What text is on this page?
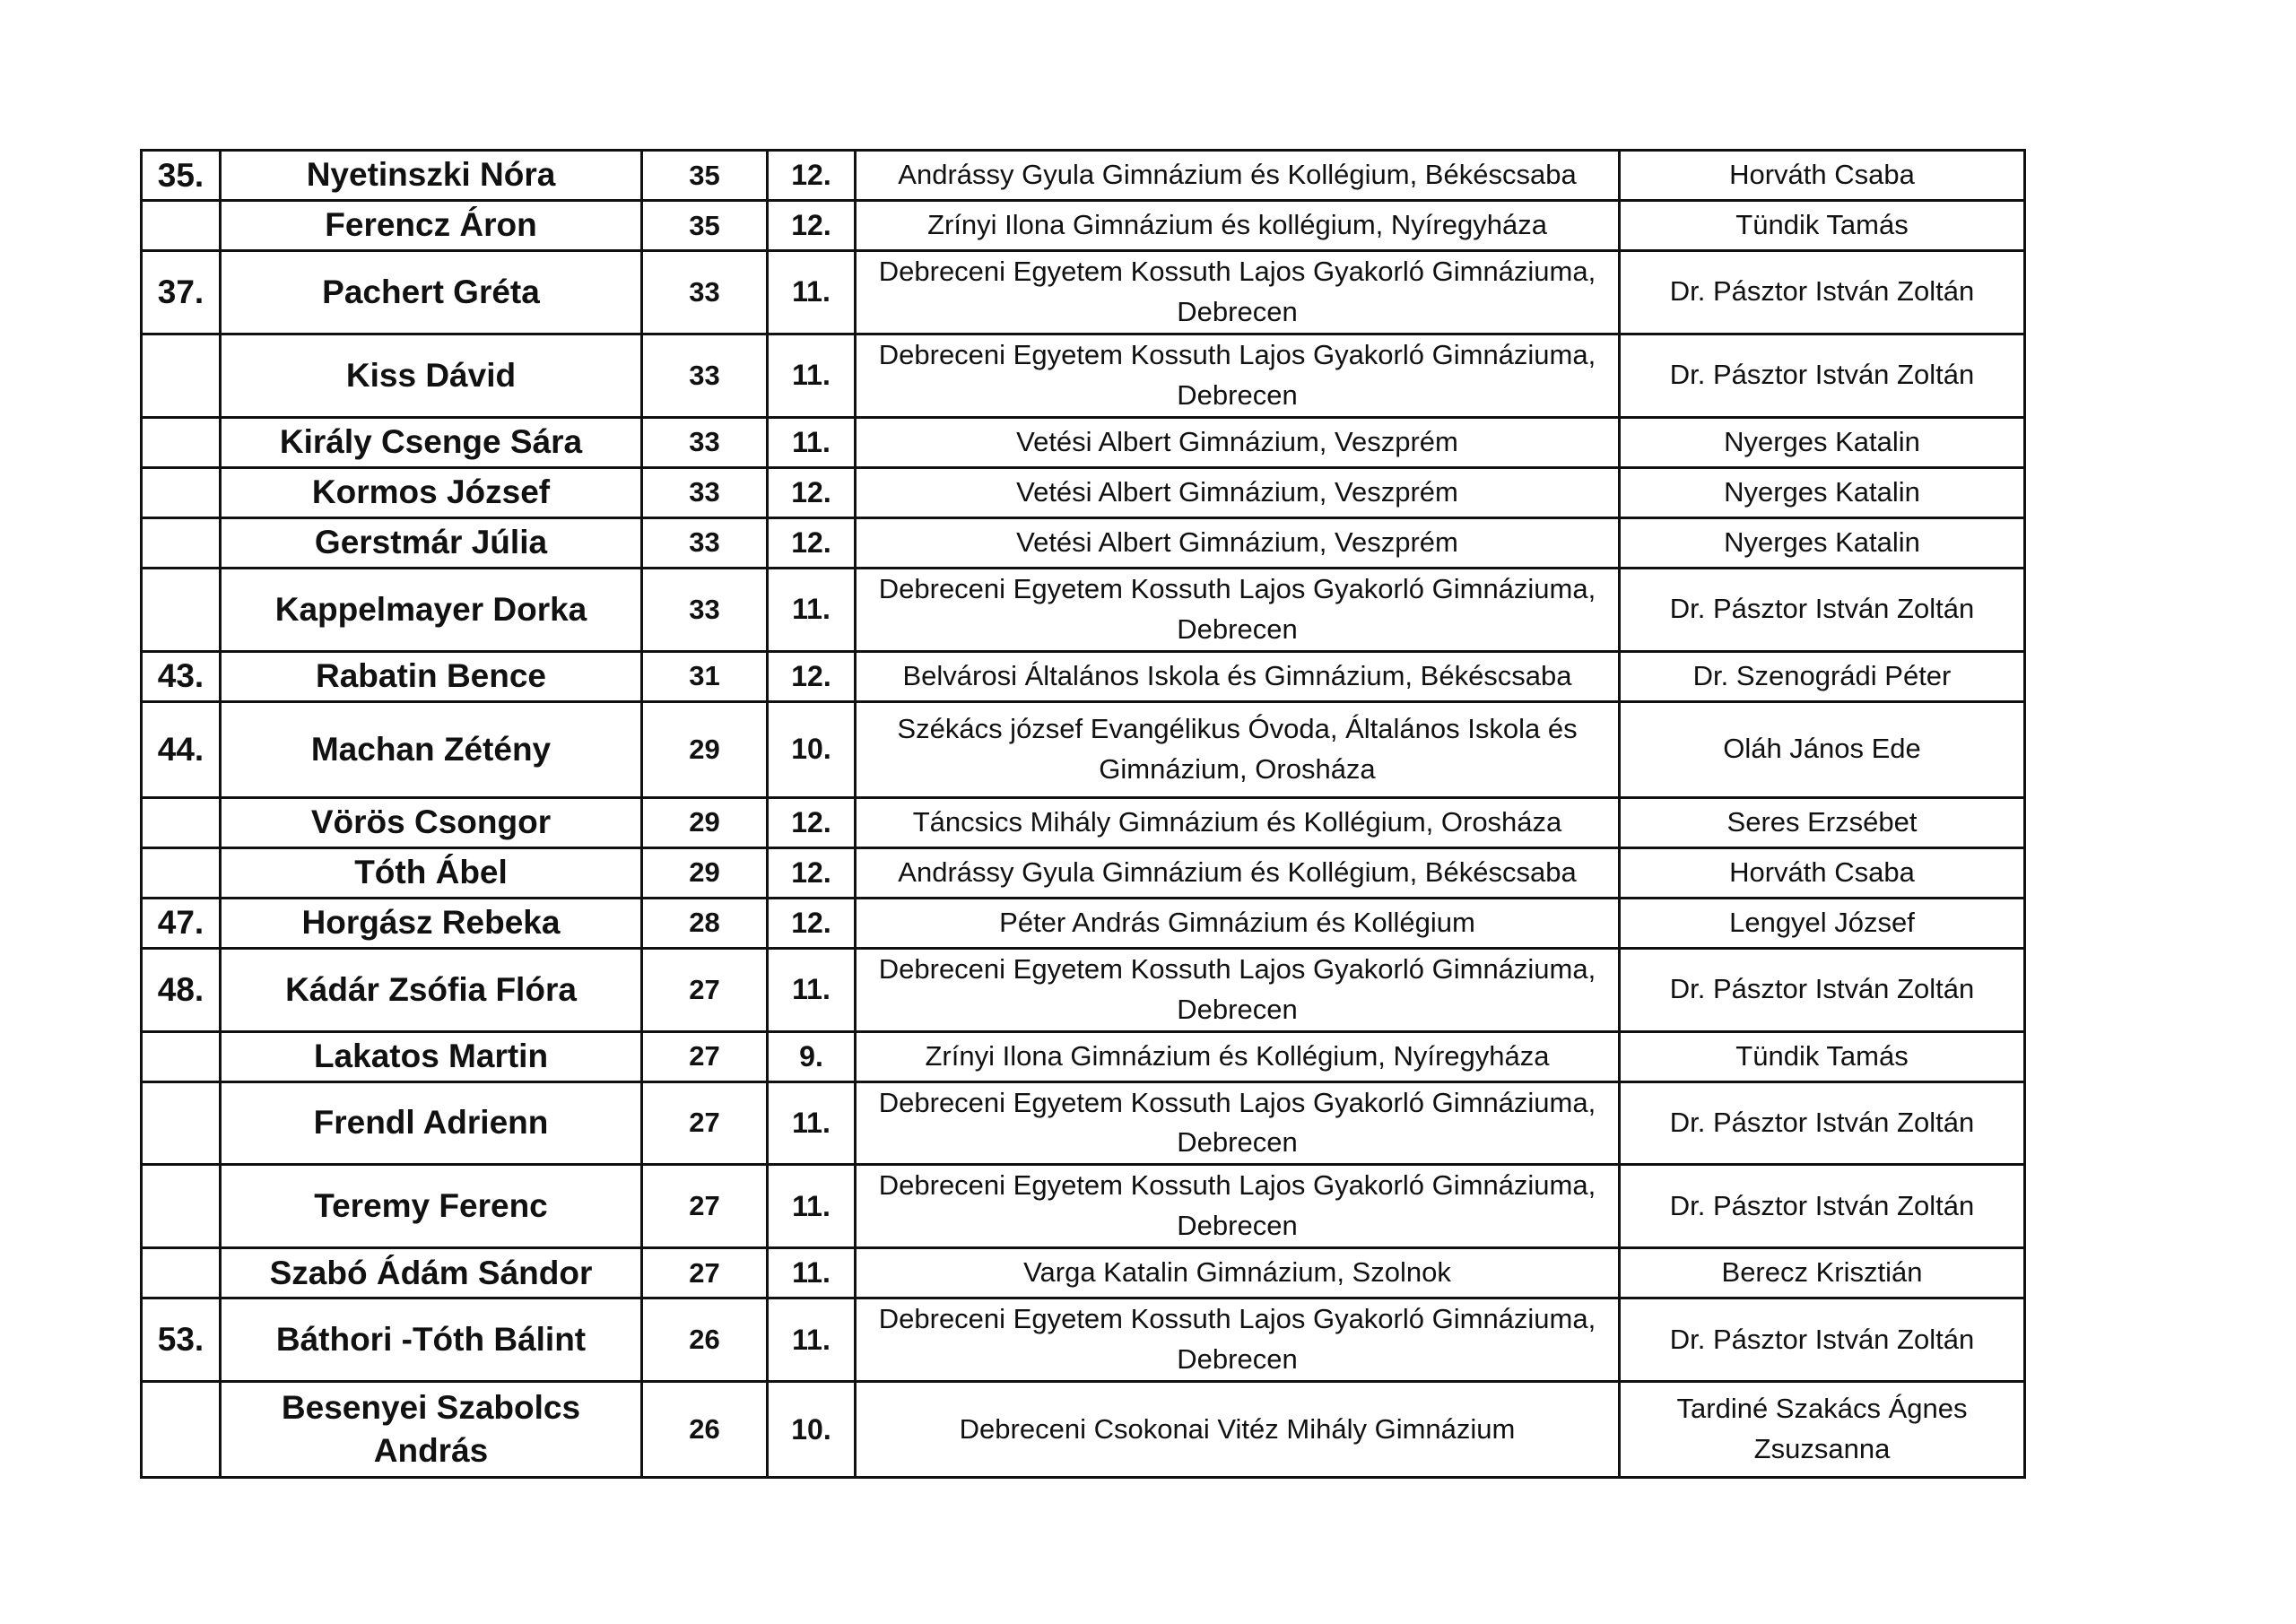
35.	Nyetinszki Nóra	35	12.	Andrássy Gyula Gimnázium és Kollégium, Békéscsaba	Horváth Csaba
	Ferencz Áron	35	12.	Zrínyi Ilona Gimnázium és kollégium, Nyíregyháza	Tündik Tamás
37.	Pachert Gréta	33	11.	Debreceni Egyetem Kossuth Lajos Gyakorló Gimnáziuma, Debrecen	Dr. Pásztor István Zoltán
	Kiss Dávid	33	11.	Debreceni Egyetem Kossuth Lajos Gyakorló Gimnáziuma, Debrecen	Dr. Pásztor István Zoltán
	Király Csenge Sára	33	11.	Vetési Albert Gimnázium, Veszprém	Nyerges Katalin
	Kormos József	33	12.	Vetési Albert Gimnázium, Veszprém	Nyerges Katalin
	Gerstmár Júlia	33	12.	Vetési Albert Gimnázium, Veszprém	Nyerges Katalin
	Kappelmayer Dorka	33	11.	Debreceni Egyetem Kossuth Lajos Gyakorló Gimnáziuma, Debrecen	Dr. Pásztor István Zoltán
43.	Rabatin Bence	31	12.	Belvárosi Általános Iskola és Gimnázium, Békéscsaba	Dr. Szenográdi Péter
44.	Machan Zétény	29	10.	Székács józsef Evangélikus Óvoda, Általános Iskola és Gimnázium, Orosháza	Oláh János Ede
	Vörös Csongor	29	12.	Táncsics Mihály Gimnázium és Kollégium, Orosháza	Seres Erzsébet
	Tóth Ábel	29	12.	Andrássy Gyula Gimnázium és Kollégium, Békéscsaba	Horváth Csaba
47.	Horgász Rebeka	28	12.	Péter András Gimnázium és Kollégium	Lengyel József
48.	Kádár Zsófia Flóra	27	11.	Debreceni Egyetem Kossuth Lajos Gyakorló Gimnáziuma, Debrecen	Dr. Pásztor István Zoltán
	Lakatos Martin	27	9.	Zrínyi Ilona Gimnázium és Kollégium, Nyíregyháza	Tündik Tamás
	Frendl Adrienn	27	11.	Debreceni Egyetem Kossuth Lajos Gyakorló Gimnáziuma, Debrecen	Dr. Pásztor István Zoltán
	Teremy Ferenc	27	11.	Debreceni Egyetem Kossuth Lajos Gyakorló Gimnáziuma, Debrecen	Dr. Pásztor István Zoltán
	Szabó Ádám Sándor	27	11.	Varga Katalin Gimnázium, Szolnok	Berecz Krisztián
53.	Báthori -Tóth Bálint	26	11.	Debreceni Egyetem Kossuth Lajos Gyakorló Gimnáziuma, Debrecen	Dr. Pásztor István Zoltán
	Besenyei Szabolcs András	26	10.	Debreceni Csokonai Vitéz Mihály Gimnázium	Tardiné Szakács Ágnes Zsuzsanna
